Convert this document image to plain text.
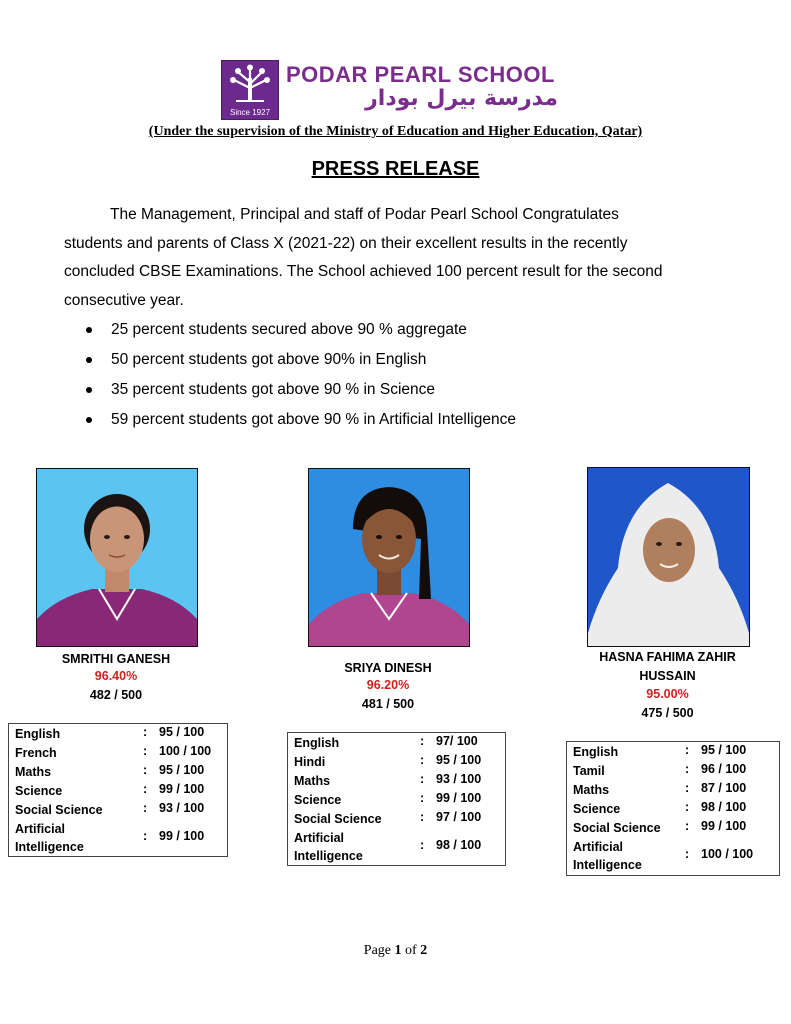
Since 1927
PODAR PEARL SCHOOL
مدرسة بيرل بودار
(Under the supervision of the Ministry of Education and Higher Education, Qatar)
PRESS RELEASE

The Management, Principal and staff of Podar Pearl School Congratulates
students and parents of Class X (2021-22) on their excellent results in the recently
concluded CBSE Examinations. The School achieved 100 percent result for the second
consecutive year.

25 percent students secured above 90 % aggregate
50 percent students got above 90% in English
35 percent students got above 90 % in Science
59 percent students got above 90 % in Artificial Intelligence
SMRITHI GANESH
96.40%
482 / 500
SRIYA DINESH
96.20%
481 / 500
HASNA FAHIMA ZAHIR
HUSSAIN
95.00%
475 / 500
English	: 95 / 100
French	: 100 / 100
Maths	: 95 / 100
Science	: 99 / 100
Social Science	: 93 / 100
Artificial Intelligence
: 99 / 100
English	: 97/ 100
Hindi	: 95 / 100
Maths	: 93 / 100
Science	: 99 / 100
Social Science	: 97 / 100
Artificial Intelligence
: 98 / 100
English	: 95 / 100
Tamil	: 96 / 100
Maths	: 87 / 100
Science	: 98 / 100
Social Science	: 99 / 100
Artificial Intelligence
: 100 / 100
Page 1 of 2
